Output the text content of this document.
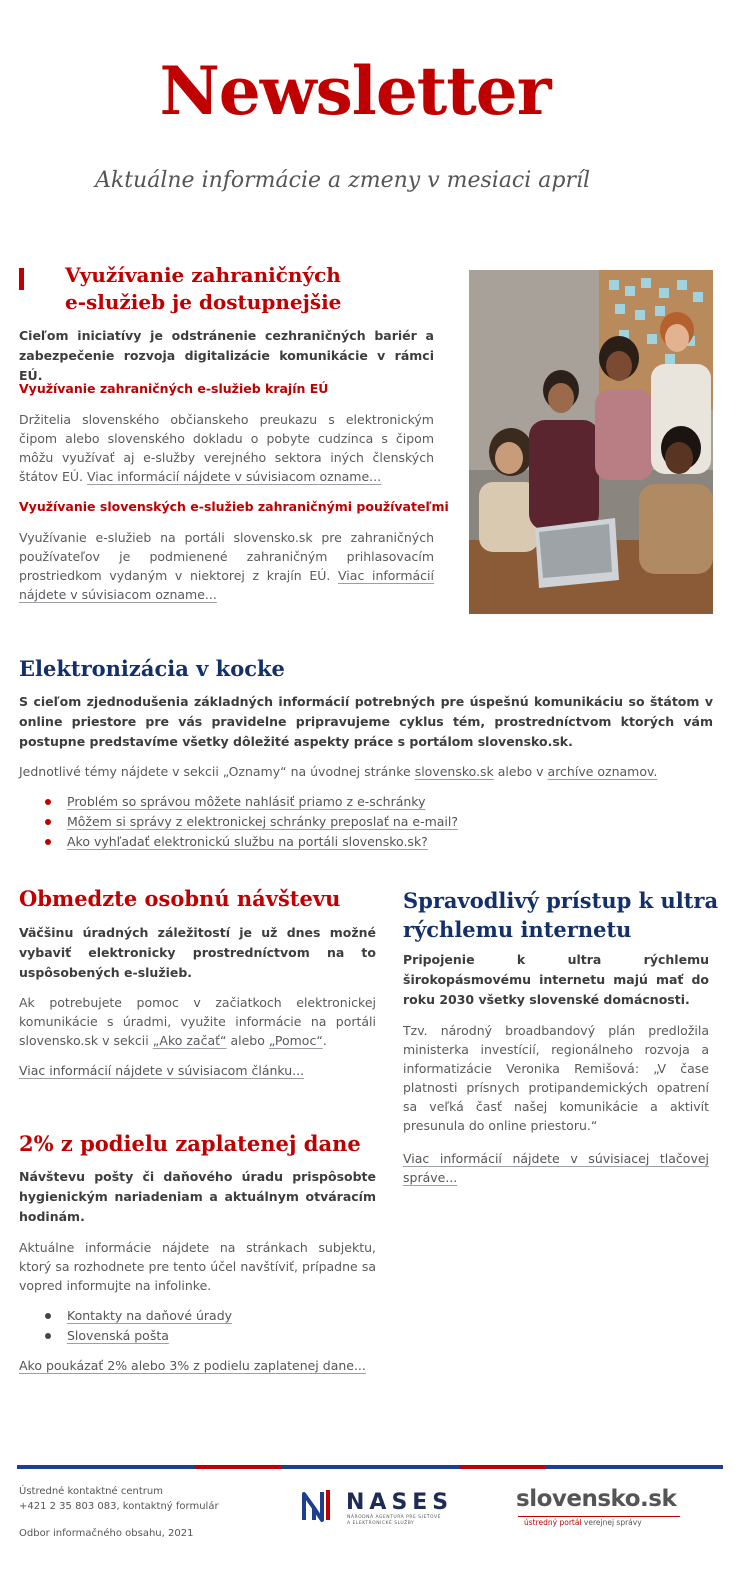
Newsletter
Aktuálne informácie a zmeny v mesiaci apríl
Využívanie zahraničných
e-služieb je dostupnejšie
Cieľom iniciatívy je odstránenie cezhraničných bariér a zabezpečenie rozvoja digitalizácie komunikácie v rámci EÚ.
Využívanie zahraničných e-služieb krajín EÚ
Držitelia slovenského občianskeho preukazu s elektronickým čipom alebo slovenského dokladu o pobyte cudzinca s čipom môžu využívať aj e-služby verejného sektora iných členských štátov EÚ. Viac informácií nájdete v súvisiacom ozname...
Využívanie slovenských e-služieb zahraničnými používateľmi
Využívanie e-služieb na portáli slovensko.sk pre zahraničných používateľov je podmienené zahraničným prihlasovacím prostriedkom vydaným v niektorej z krajín EÚ. Viac informácií nájdete v súvisiacom ozname...
Elektronizácia v kocke
S cieľom zjednodušenia základných informácií potrebných pre úspešnú komunikáciu so štátom v online priestore pre vás pravidelne pripravujeme cyklus tém, prostredníctvom ktorých vám postupne predstavíme všetky dôležité aspekty práce s portálom slovensko.sk.
Jednotlivé témy nájdete v sekcii „Oznamy“ na úvodnej stránke slovensko.sk alebo v archíve oznamov.
Problém so správou môžete nahlásiť priamo z e-schránky
Môžem si správy z elektronickej schránky preposlať na e-mail?
Ako vyhľadať elektronickú službu na portáli slovensko.sk?
Obmedzte osobnú návštevu
Väčšinu úradných záležitostí je už dnes možné vybaviť elektronicky prostredníctvom na to uspôsobených e-služieb.
Ak potrebujete pomoc v začiatkoch elektronickej komunikácie s úradmi, využite informácie na portáli slovensko.sk v sekcii „Ako začať“ alebo „Pomoc“.
Viac informácií nájdete v súvisiacom článku...
Spravodlivý prístup k ultra
rýchlemu internetu
Pripojenie k ultra rýchlemu širokopásmovému internetu majú mať do roku 2030 všetky slovenské domácnosti.
Tzv. národný broadbandový plán predložila ministerka investícií, regionálneho rozvoja a informatizácie Veronika Remišová: „V čase platnosti prísnych protipandemických opatrení sa veľká časť našej komunikácie a aktivít presunula do online priestoru.“
Viac informácií nájdete v súvisiacej tlačovej správe...
2% z podielu zaplatenej dane
Návštevu pošty či daňového úradu prispôsobte hygienickým nariadeniam a aktuálnym otváracím hodinám.
Aktuálne informácie nájdete na stránkach subjektu, ktorý sa rozhodnete pre tento účel navštíviť, prípadne sa vopred informujte na infolinke.
Kontakty na daňové úrady
Slovenská pošta
Ako poukázať 2% alebo 3% z podielu zaplatenej dane...
Ústredné kontaktné centrum
+421 2 35 803 083, kontaktný formulár
Odbor informačného obsahu, 2021
NASES
NÁRODNÁ AGENTÚRA PRE SIEŤOVÉ
A ELEKTRONICKÉ SLUŽBY
slovensko.sk
ústredný portál verejnej správy
